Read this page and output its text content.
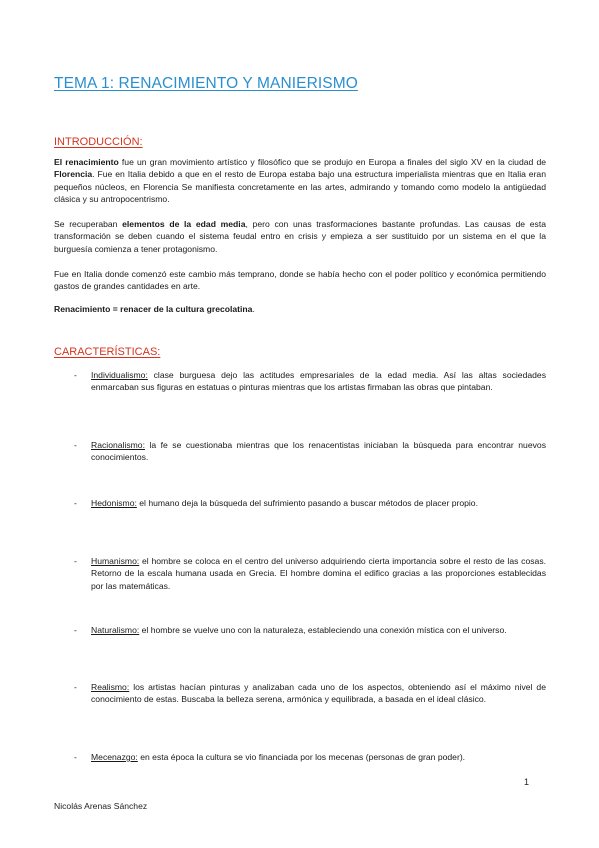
TEMA 1: RENACIMIENTO Y MANIERISMO
INTRODUCCIÓN:

El renacimiento fue un gran movimiento artístico y filosófico que se produjo en Europa a finales del siglo XV en la ciudad de Florencia. Fue en Italia debido a que en el resto de Europa estaba bajo una estructura imperialista mientras que en Italia eran pequeños núcleos, en Florencia Se manifiesta concretamente en las artes, admirando y tomando como modelo la antigüedad clásica y su antropocentrismo.

Se recuperaban elementos de la edad media, pero con unas trasformaciones bastante profundas. Las causas de esta transformación se deben cuando el sistema feudal entro en crisis y empieza a ser sustituido por un sistema en el que la burguesía comienza a tener protagonismo.

Fue en Italia donde comenzó este cambio más temprano, donde se había hecho con el poder político y económica permitiendo gastos de grandes cantidades en arte.

Renacimiento = renacer de la cultura grecolatina.

CARACTERÍSTICAS:
- Individualismo: clase burguesa dejo las actitudes empresariales de la edad media. Así las altas sociedades enmarcaban sus figuras en estatuas o pinturas mientras que los artistas firmaban las obras que pintaban.
- Racionalismo: la fe se cuestionaba mientras que los renacentistas iniciaban la búsqueda para encontrar nuevos conocimientos.
- Hedonismo: el humano deja la búsqueda del sufrimiento pasando a buscar métodos de placer propio.
- Humanismo: el hombre se coloca en el centro del universo adquiriendo cierta importancia sobre el resto de las cosas. Retorno de la escala humana usada en Grecia. El hombre domina el edifico gracias a las proporciones establecidas por las matemáticas.
- Naturalismo: el hombre se vuelve uno con la naturaleza, estableciendo una conexión mística con el universo.
- Realismo: los artistas hacían pinturas y analizaban cada uno de los aspectos, obteniendo así el máximo nivel de conocimiento de estas. Buscaba la belleza serena, armónica y equilibrada, a basada en el ideal clásico.
- Mecenazgo: en esta época la cultura se vio financiada por los mecenas (personas de gran poder).
1
Nicolás Arenas Sánchez
